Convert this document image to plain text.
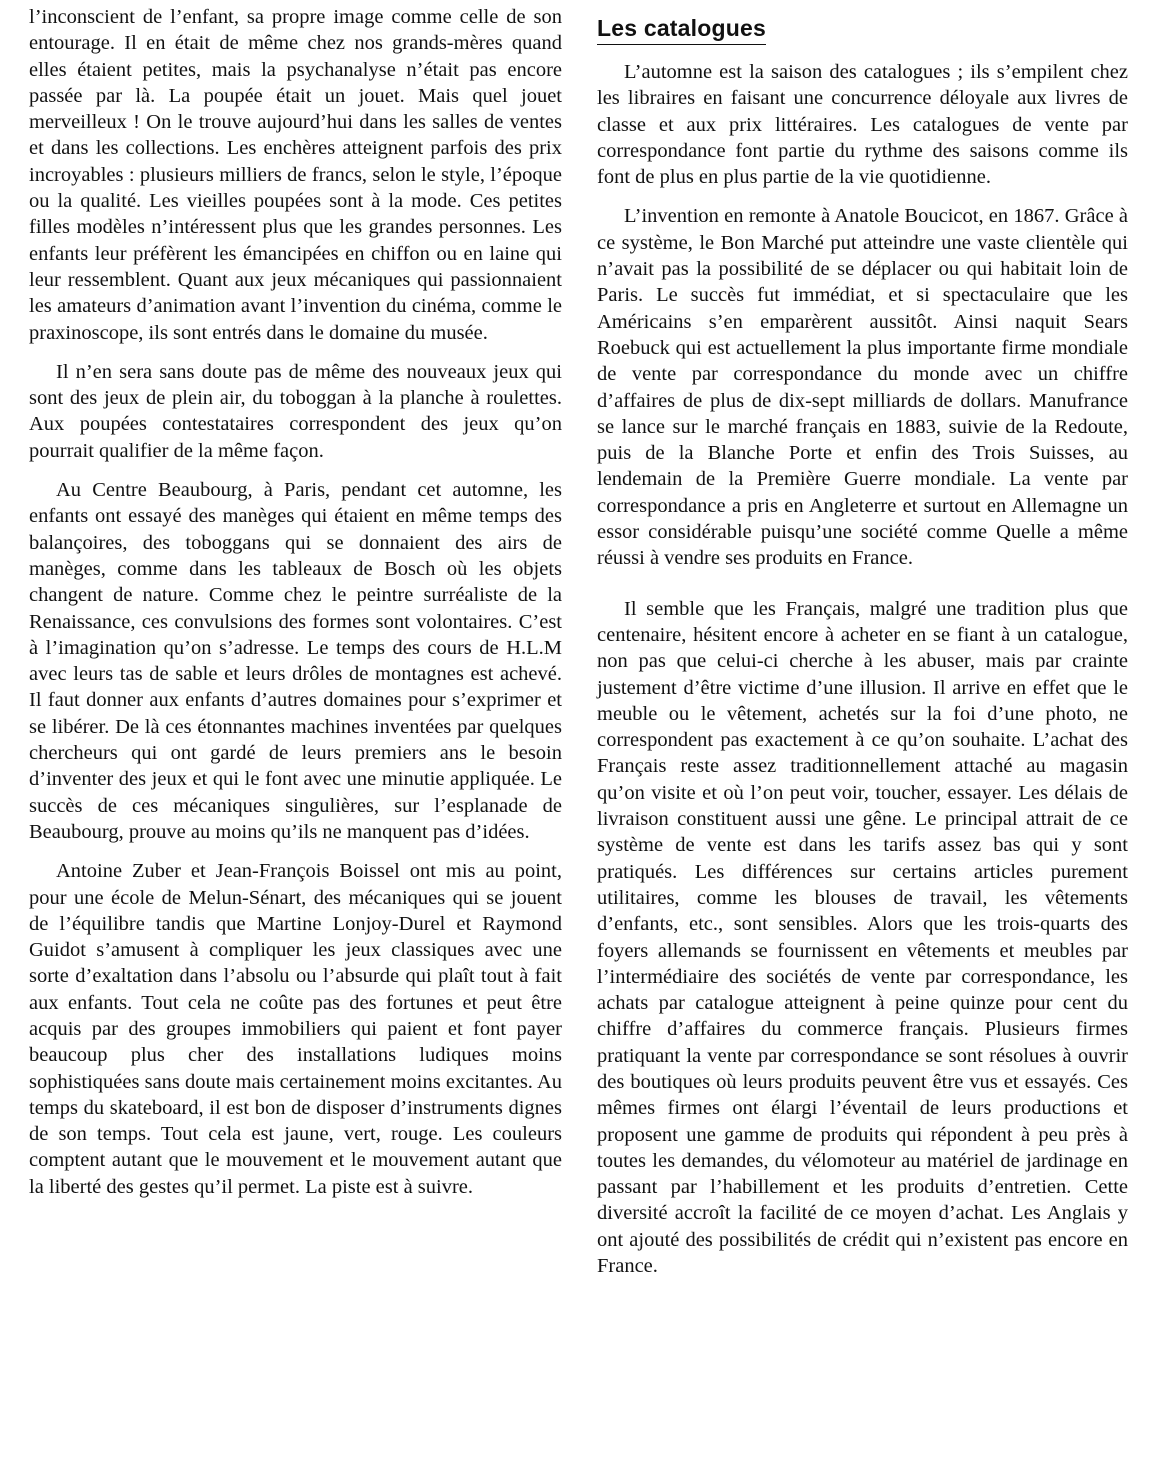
l’inconscient de l’enfant, sa propre image comme celle de son entourage. Il en était de même chez nos grands-mères quand elles étaient petites, mais la psychanalyse n’était pas encore passée par là. La poupée était un jouet. Mais quel jouet merveilleux ! On le trouve aujourd’hui dans les salles de ventes et dans les collections. Les enchères atteignent parfois des prix incroyables : plusieurs milliers de francs, selon le style, l’époque ou la qualité. Les vieilles poupées sont à la mode. Ces petites filles modèles n’intéressent plus que les grandes personnes. Les enfants leur préfèrent les émancipées en chiffon ou en laine qui leur ressemblent. Quant aux jeux mécaniques qui passionnaient les amateurs d’animation avant l’invention du cinéma, comme le praxinoscope, ils sont entrés dans le domaine du musée.

Il n’en sera sans doute pas de même des nouveaux jeux qui sont des jeux de plein air, du toboggan à la planche à roulettes. Aux poupées contestataires correspondent des jeux qu’on pourrait qualifier de la même façon.

Au Centre Beaubourg, à Paris, pendant cet automne, les enfants ont essayé des manèges qui étaient en même temps des balançoires, des toboggans qui se donnaient des airs de manèges, comme dans les tableaux de Bosch où les objets changent de nature. Comme chez le peintre surréaliste de la Renaissance, ces convulsions des formes sont volontaires. C’est à l’imagination qu’on s’adresse. Le temps des cours de H.L.M avec leurs tas de sable et leurs drôles de montagnes est achevé. Il faut donner aux enfants d’autres domaines pour s’exprimer et se libérer. De là ces étonnantes machines inventées par quelques chercheurs qui ont gardé de leurs premiers ans le besoin d’inventer des jeux et qui le font avec une minutie appliquée. Le succès de ces mécaniques singulières, sur l’esplanade de Beaubourg, prouve au moins qu’ils ne manquent pas d’idées.

Antoine Zuber et Jean-François Boissel ont mis au point, pour une école de Melun-Sénart, des mécaniques qui se jouent de l’équilibre tandis que Martine Lonjoy-Durel et Raymond Guidot s’amusent à compliquer les jeux classiques avec une sorte d’exaltation dans l’absolu ou l’absurde qui plaît tout à fait aux enfants. Tout cela ne coûte pas des fortunes et peut être acquis par des groupes immobiliers qui paient et font payer beaucoup plus cher des installations ludiques moins sophistiquées sans doute mais certainement moins excitantes. Au temps du skateboard, il est bon de disposer d’instruments dignes de son temps. Tout cela est jaune, vert, rouge. Les couleurs comptent autant que le mouvement et le mouvement autant que la liberté des gestes qu’il permet. La piste est à suivre.

Les catalogues

L’automne est la saison des catalogues ; ils s’empilent chez les libraires en faisant une concurrence déloyale aux livres de classe et aux prix littéraires. Les catalogues de vente par correspondance font partie du rythme des saisons comme ils font de plus en plus partie de la vie quotidienne.

L’invention en remonte à Anatole Boucicot, en 1867. Grâce à ce système, le Bon Marché put atteindre une vaste clientèle qui n’avait pas la possibilité de se déplacer ou qui habitait loin de Paris. Le succès fut immédiat, et si spectaculaire que les Américains s’en emparèrent aussitôt. Ainsi naquit Sears Roebuck qui est actuellement la plus importante firme mondiale de vente par correspondance du monde avec un chiffre d’affaires de plus de dix-sept milliards de dollars. Manufrance se lance sur le marché français en 1883, suivie de la Redoute, puis de la Blanche Porte et enfin des Trois Suisses, au lendemain de la Première Guerre mondiale. La vente par correspondance a pris en Angleterre et surtout en Allemagne un essor considérable puisqu’une société comme Quelle a même réussi à vendre ses produits en France.

Il semble que les Français, malgré une tradition plus que centenaire, hésitent encore à acheter en se fiant à un catalogue, non pas que celui-ci cherche à les abuser, mais par crainte justement d’être victime d’une illusion. Il arrive en effet que le meuble ou le vêtement, achetés sur la foi d’une photo, ne correspondent pas exactement à ce qu’on souhaite. L’achat des Français reste assez traditionnellement attaché au magasin qu’on visite et où l’on peut voir, toucher, essayer. Les délais de livraison constituent aussi une gêne. Le principal attrait de ce système de vente est dans les tarifs assez bas qui y sont pratiqués. Les différences sur certains articles purement utilitaires, comme les blouses de travail, les vêtements d’enfants, etc., sont sensibles. Alors que les trois-quarts des foyers allemands se fournissent en vêtements et meubles par l’intermédiaire des sociétés de vente par correspondance, les achats par catalogue atteignent à peine quinze pour cent du chiffre d’affaires du commerce français. Plusieurs firmes pratiquant la vente par correspondance se sont résolues à ouvrir des boutiques où leurs produits peuvent être vus et essayés. Ces mêmes firmes ont élargi l’éventail de leurs productions et proposent une gamme de produits qui répondent à peu près à toutes les demandes, du vélomoteur au matériel de jardinage en passant par l’habillement et les produits d’entretien. Cette diversité accroît la facilité de ce moyen d’achat. Les Anglais y ont ajouté des possibilités de crédit qui n’existent pas encore en France.
